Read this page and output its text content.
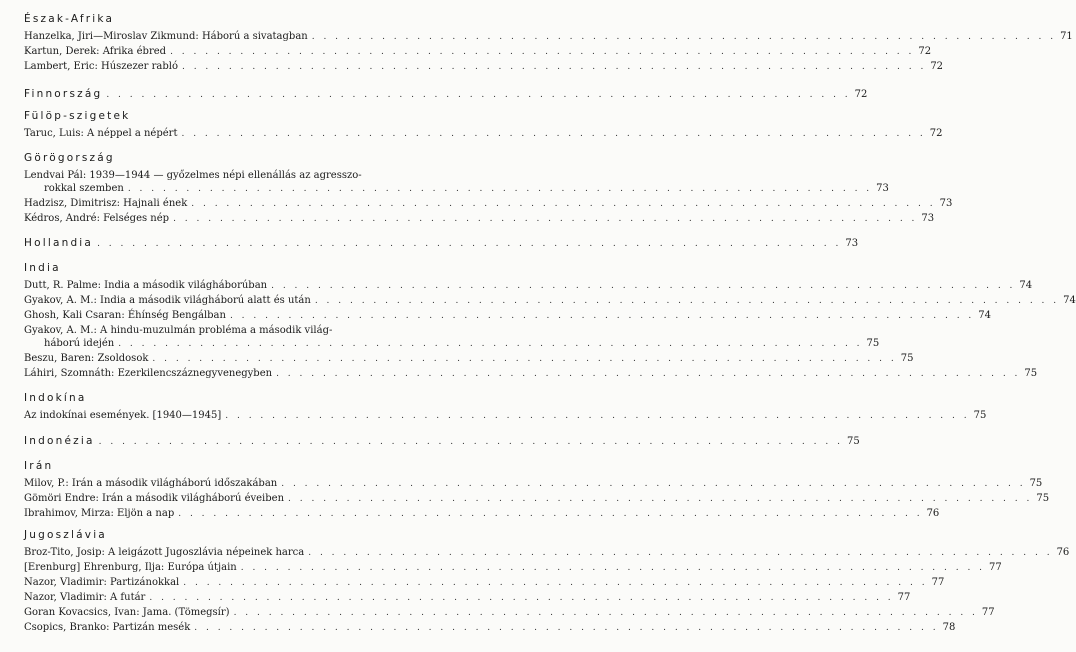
Észak-Afrika
Hanzelka, Jiri—Miroslav Zikmund: Háború a sivatagban . . . . . . . . . . . . . . . . . . . . . . . . . . . . . . . . . . . . . . . . . . . . . . . . . . . . . . . . . . . . . . . . 71
Kartun, Derek: Afrika ébred . . . . . . . . . . . . . . . . . . . . . . . . . . . . . . . . . . . . . . . . . . . . . . . . . . . . . . . . . . . . . . . . 72
Lambert, Eric: Húszezer rabló . . . . . . . . . . . . . . . . . . . . . . . . . . . . . . . . . . . . . . . . . . . . . . . . . . . . . . . . . . . . . . . . 72
Finnország . . . . . . . . . . . . . . . . . . . . . . . . . . . . . . . . . . . . . . . . . . . . . . . . . . . . . . . . . . . . . . . . 72
Fülöp-szigetek
Taruc, Luis: A néppel a népért . . . . . . . . . . . . . . . . . . . . . . . . . . . . . . . . . . . . . . . . . . . . . . . . . . . . . . . . . . . . . . . . 72
Görögország
Lendvai Pál: 1939—1944 — győzelmes népi ellenállás az agresszo-
rokkal szemben . . . . . . . . . . . . . . . . . . . . . . . . . . . . . . . . . . . . . . . . . . . . . . . . . . . . . . . . . . . . . . . . 73
Hadzisz, Dimitrisz: Hajnali ének . . . . . . . . . . . . . . . . . . . . . . . . . . . . . . . . . . . . . . . . . . . . . . . . . . . . . . . . . . . . . . . . 73
Kédros, André: Felséges nép . . . . . . . . . . . . . . . . . . . . . . . . . . . . . . . . . . . . . . . . . . . . . . . . . . . . . . . . . . . . . . . . 73
Hollandia . . . . . . . . . . . . . . . . . . . . . . . . . . . . . . . . . . . . . . . . . . . . . . . . . . . . . . . . . . . . . . . . 73
India
Dutt, R. Palme: India a második világháborúban . . . . . . . . . . . . . . . . . . . . . . . . . . . . . . . . . . . . . . . . . . . . . . . . . . . . . . . . . . . . . . . . 74
Gyakov, A. M.: India a második világháború alatt és után . . . . . . . . . . . . . . . . . . . . . . . . . . . . . . . . . . . . . . . . . . . . . . . . . . . . . . . . . . . . . . . . 74
Ghosh, Kali Csaran: Éhínség Bengálban . . . . . . . . . . . . . . . . . . . . . . . . . . . . . . . . . . . . . . . . . . . . . . . . . . . . . . . . . . . . . . . . 74
Gyakov, A. M.: A hindu-muzulmán probléma a második világ-
háború idején . . . . . . . . . . . . . . . . . . . . . . . . . . . . . . . . . . . . . . . . . . . . . . . . . . . . . . . . . . . . . . . . 75
Beszu, Baren: Zsoldosok . . . . . . . . . . . . . . . . . . . . . . . . . . . . . . . . . . . . . . . . . . . . . . . . . . . . . . . . . . . . . . . . 75
Láhiri, Szomnáth: Ezerkilencszáznegyvenegyben . . . . . . . . . . . . . . . . . . . . . . . . . . . . . . . . . . . . . . . . . . . . . . . . . . . . . . . . . . . . . . . . 75
Indokína
Az indokínai események. [1940—1945] . . . . . . . . . . . . . . . . . . . . . . . . . . . . . . . . . . . . . . . . . . . . . . . . . . . . . . . . . . . . . . . . 75
Indonézia . . . . . . . . . . . . . . . . . . . . . . . . . . . . . . . . . . . . . . . . . . . . . . . . . . . . . . . . . . . . . . . . 75
Irán
Milov, P.: Irán a második világháború időszakában . . . . . . . . . . . . . . . . . . . . . . . . . . . . . . . . . . . . . . . . . . . . . . . . . . . . . . . . . . . . . . . . 75
Gömöri Endre: Irán a második világháború éveiben . . . . . . . . . . . . . . . . . . . . . . . . . . . . . . . . . . . . . . . . . . . . . . . . . . . . . . . . . . . . . . . . 75
Ibrahimov, Mirza: Eljön a nap . . . . . . . . . . . . . . . . . . . . . . . . . . . . . . . . . . . . . . . . . . . . . . . . . . . . . . . . . . . . . . . . 76
Jugoszlávia
Broz-Tito, Josip: A leigázott Jugoszlávia népeinek harca . . . . . . . . . . . . . . . . . . . . . . . . . . . . . . . . . . . . . . . . . . . . . . . . . . . . . . . . . . . . . . . . 76
[Erenburg] Ehrenburg, Ilja: Európa útjain . . . . . . . . . . . . . . . . . . . . . . . . . . . . . . . . . . . . . . . . . . . . . . . . . . . . . . . . . . . . . . . . 77
Nazor, Vladimir: Partizánokkal . . . . . . . . . . . . . . . . . . . . . . . . . . . . . . . . . . . . . . . . . . . . . . . . . . . . . . . . . . . . . . . . 77
Nazor, Vladimir: A futár . . . . . . . . . . . . . . . . . . . . . . . . . . . . . . . . . . . . . . . . . . . . . . . . . . . . . . . . . . . . . . . . 77
Goran Kovacsics, Ivan: Jama. (Tömegsír) . . . . . . . . . . . . . . . . . . . . . . . . . . . . . . . . . . . . . . . . . . . . . . . . . . . . . . . . . . . . . . . . 77
Csopics, Branko: Partizán mesék . . . . . . . . . . . . . . . . . . . . . . . . . . . . . . . . . . . . . . . . . . . . . . . . . . . . . . . . . . . . . . . . 78
